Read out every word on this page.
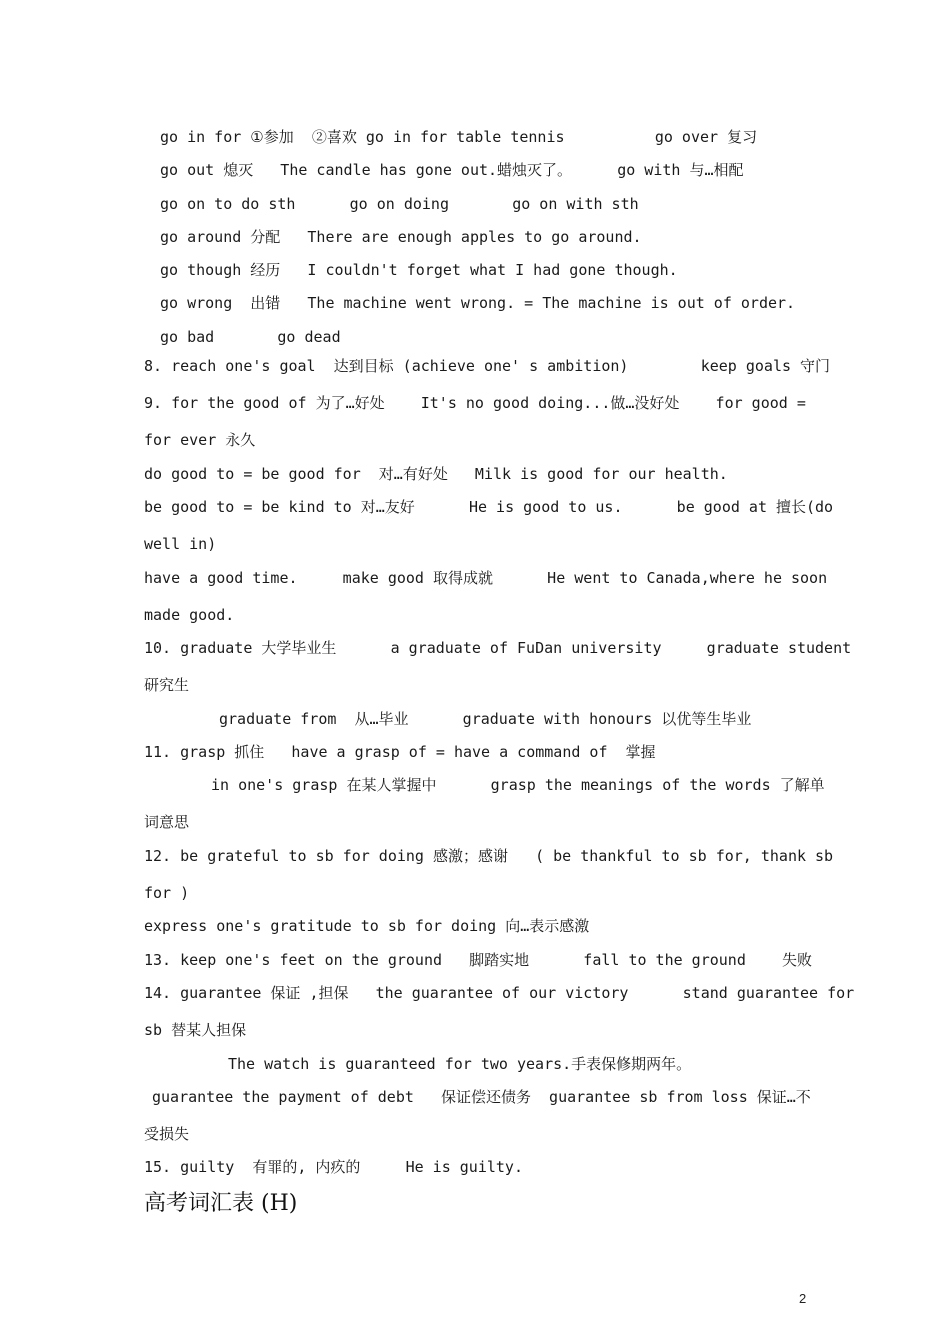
go in for ①参加  ②喜欢 go in for table tennis          go over 复习
go out 熄灭   The candle has gone out.蜡烛灭了。     go with 与…相配
go on to do sth      go on doing       go on with sth
go around 分配   There are enough apples to go around.
go though 经历   I couldn't forget what I had gone though.
go wrong  出错   The machine went wrong. = The machine is out of order.
go bad       go dead
8. reach one's goal  达到目标 (achieve one' s ambition)        keep goals 守门
9. for the good of 为了…好处    It's no good doing...做…没好处    for good =
for ever 永久
do good to = be good for  对…有好处   Milk is good for our health.
be good to = be kind to 对…友好      He is good to us.      be good at 擅长(do
well in)
have a good time.     make good 取得成就      He went to Canada,where he soon
made good.
10. graduate 大学毕业生      a graduate of FuDan university     graduate student
研究生
graduate from  从…毕业      graduate with honours 以优等生毕业
11. grasp 抓住   have a grasp of = have a command of  掌握
in one's grasp 在某人掌握中      grasp the meanings of the words 了解单
词意思
12. be grateful to sb for doing 感激；感谢   ( be thankful to sb for, thank sb
for )
express one's gratitude to sb for doing 向…表示感激
13. keep one's feet on the ground   脚踏实地      fall to the ground    失败
14. guarantee 保证 ,担保   the guarantee of our victory      stand guarantee for
sb 替某人担保
The watch is guaranteed for two years.手表保修期两年。
guarantee the payment of debt   保证偿还债务  guarantee sb from loss 保证…不
受损失
15. guilty  有罪的, 内疚的     He is guilty.
高考词汇表 (H)
2
